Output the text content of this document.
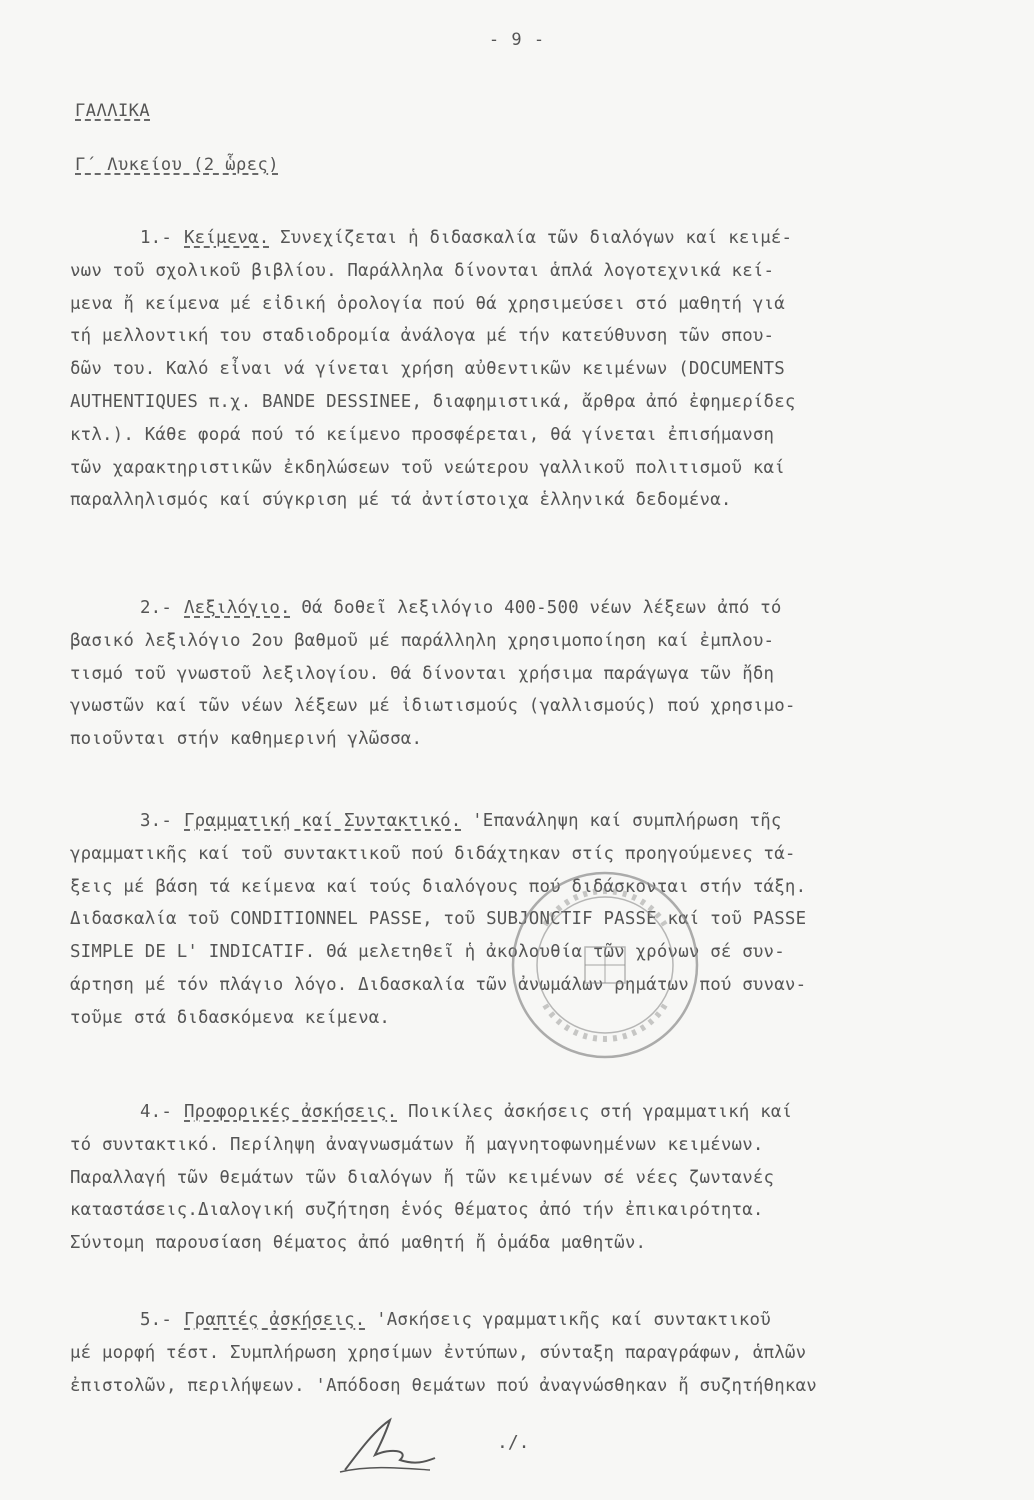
- 9 -
ΓΑΛΛΙΚΑ
Γ΄ Λυκείου (2 ὧρες)
1.- Κείμενα. Συνεχίζεται ἡ διδασκαλία τῶν διαλόγων καί κειμέ-
νων τοῦ σχολικοῦ βιβλίου. Παράλληλα δίνονται ἁπλά λογοτεχνικά κεί-
μενα ἤ κείμενα μέ εἰδική ὁρολογία πού θά χρησιμεύσει στό μαθητή γιά
τή μελλοντική του σταδιοδρομία ἀνάλογα μέ τήν κατεύθυνση τῶν σπου-
δῶν του. Καλό εἶναι νά γίνεται χρήση αὐθεντικῶν κειμένων (DOCUMENTS
AUTHENTIQUES π.χ. BANDE DESSINEE, διαφημιστικά, ἄρθρα ἀπό ἐφημερίδες
κτλ.). Κάθε φορά πού τό κείμενο προσφέρεται, θά γίνεται ἐπισήμανση
τῶν χαρακτηριστικῶν ἐκδηλώσεων τοῦ νεώτερου γαλλικοῦ πολιτισμοῦ καί
παραλληλισμός καί σύγκριση μέ τά ἀντίστοιχα ἑλληνικά δεδομένα.
2.- Λεξιλόγιο. Θά δοθεῖ λεξιλόγιο 400-500 νέων λέξεων ἀπό τό
βασικό λεξιλόγιο 2ου βαθμοῦ μέ παράλληλη χρησιμοποίηση καί ἐμπλου-
τισμό τοῦ γνωστοῦ λεξιλογίου. Θά δίνονται χρήσιμα παράγωγα τῶν ἤδη
γνωστῶν καί τῶν νέων λέξεων μέ ἰδιωτισμούς (γαλλισμούς) πού χρησιμο-
ποιοῦνται στήν καθημερινή γλῶσσα.
3.- Γραμματική καί Συντακτικό. 'Επανάληψη καί συμπλήρωση τῆς
γραμματικῆς καί τοῦ συντακτικοῦ πού διδάχτηκαν στίς προηγούμενες τά-
ξεις μέ βάση τά κείμενα καί τούς διαλόγους πού διδάσκονται στήν τάξη.
Διδασκαλία τοῦ CONDITIONNEL PASSE, τοῦ SUBJONCTIF PASSE καί τοῦ PASSE
SIMPLE DE L' INDICATIF. Θά μελετηθεῖ ἡ ἀκολουθία τῶν χρόνων σέ συν-
άρτηση μέ τόν πλάγιο λόγο. Διδασκαλία τῶν ἀνωμάλων ρημάτων πού συναν-
τοῦμε στά διδασκόμενα κείμενα.
4.- Προφορικές ἀσκήσεις. Ποικίλες ἀσκήσεις στή γραμματική καί
τό συντακτικό. Περίληψη ἀναγνωσμάτων ἤ μαγνητοφωνημένων κειμένων.
Παραλλαγή τῶν θεμάτων τῶν διαλόγων ἤ τῶν κειμένων σέ νέες ζωντανές
καταστάσεις.Διαλογική συζήτηση ἑνός θέματος ἀπό τήν ἐπικαιρότητα.
Σύντομη παρουσίαση θέματος ἀπό μαθητή ἤ ὁμάδα μαθητῶν.
5.- Γραπτές ἀσκήσεις. 'Ασκήσεις γραμματικῆς καί συντακτικοῦ
μέ μορφή τέστ. Συμπλήρωση χρησίμων ἐντύπων, σύνταξη παραγράφων, ἁπλῶν
ἐπιστολῶν, περιλήψεων. 'Απόδοση θεμάτων πού ἀναγνώσθηκαν ἤ συζητήθηκαν
./.
